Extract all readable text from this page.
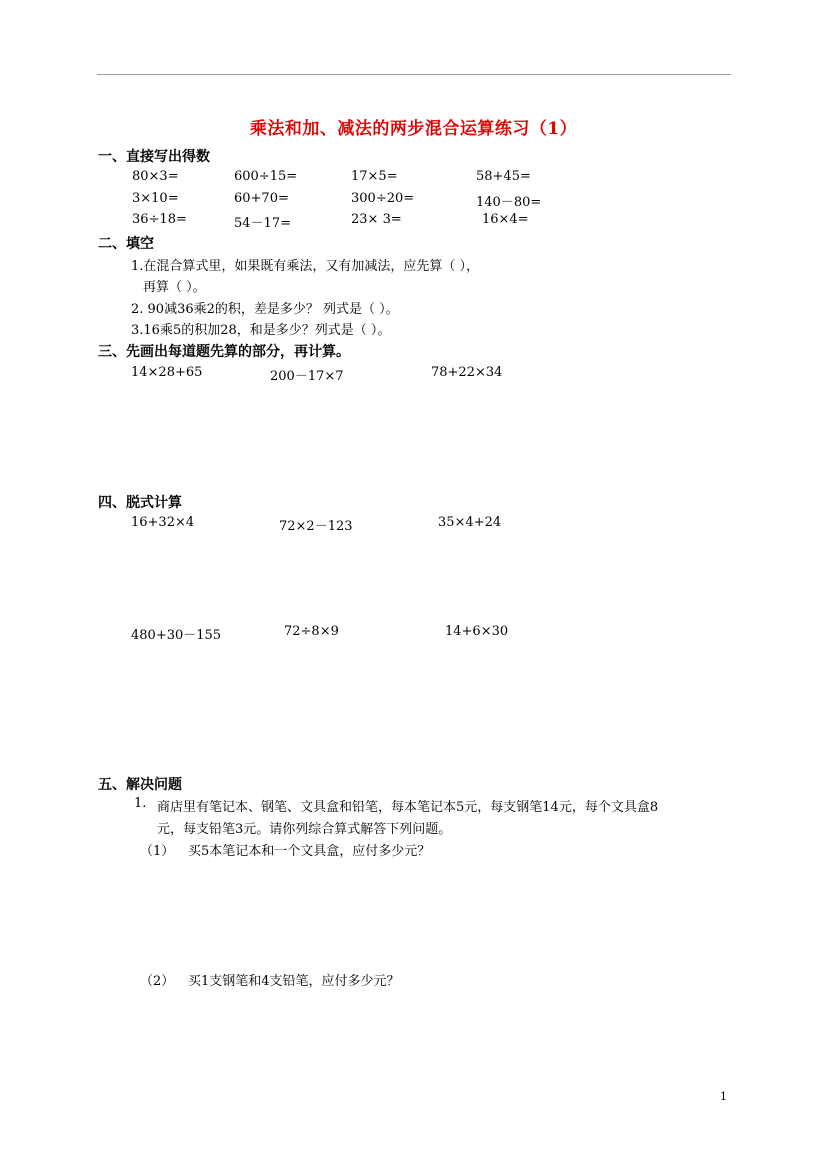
乘法和加、减法的两步混合运算练习（1）
一、直接写出得数
80×3=	600÷15=	17×5=	58+45=
3×10=	60+70=	300÷20=	140－80=
36÷18=	54－17=	23× 3=	16×4=
二、填空
1.在混合算式里，如果既有乘法，又有加减法，应先算（ ），
再算（ ）。
2. 90减36乘2的积，差是多少？ 列式是（ ）。
3.16乘5的积加28，和是多少？列式是（ ）。
三、先画出每道题先算的部分，再计算。
14×28+65	200－17×7	78+22×34
四、脱式计算
16+32×4	72×2－123	35×4+24
480+30－155	72÷8×9	14+6×30
五、解决问题
1. 商店里有笔记本、钢笔、文具盒和铅笔，每本笔记本5元，每支钢笔14元，每个文具盒8
元，每支铅笔3元。请你列综合算式解答下列问题。
（1） 买5本笔记本和一个文具盒，应付多少元？
（2） 买1支钢笔和4支铅笔，应付多少元？
1
